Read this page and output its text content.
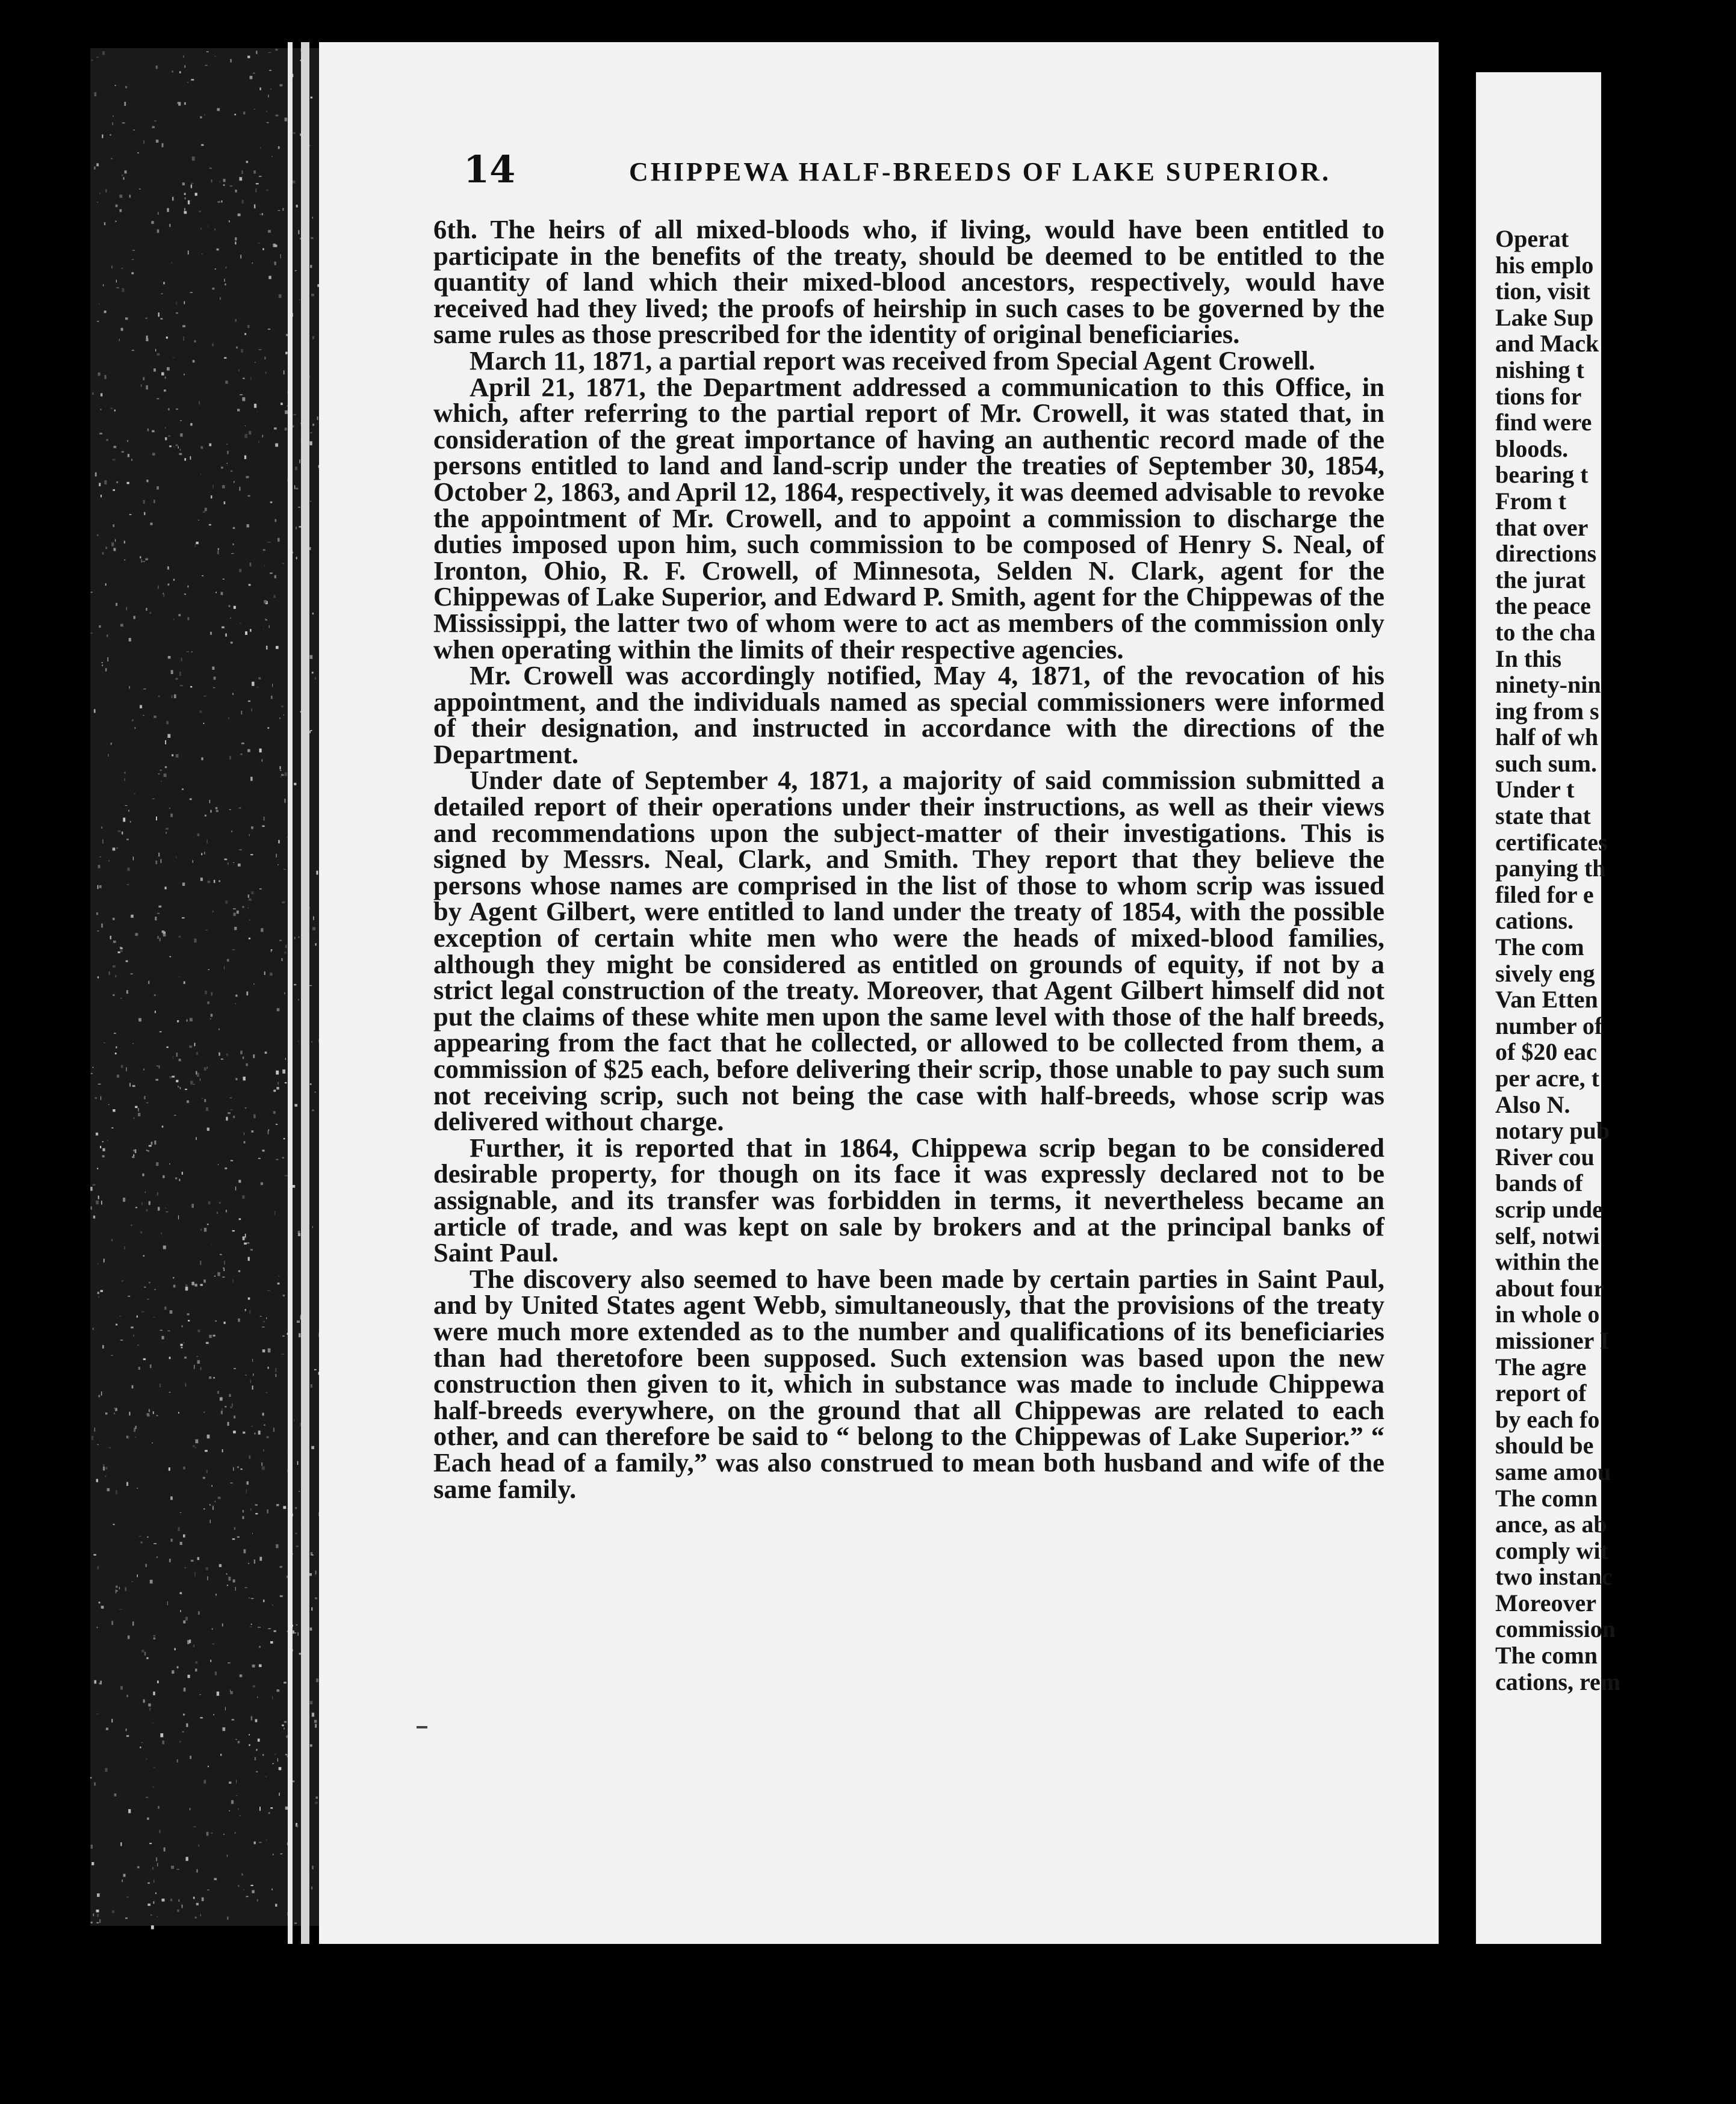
14	CHIPPEWA HALF-BREEDS OF LAKE SUPERIOR.

6th. The heirs of all mixed-bloods who, if living, would have been entitled to participate in the benefits of the treaty, should be deemed to be entitled to the quantity of land which their mixed-blood ancestors, respectively, would have received had they lived; the proofs of heirship in such cases to be governed by the same rules as those prescribed for the identity of original beneficiaries.

March 11, 1871, a partial report was received from Special Agent Crowell.

April 21, 1871, the Department addressed a communication to this Office, in which, after referring to the partial report of Mr. Crowell, it was stated that, in consideration of the great importance of having an authentic record made of the persons entitled to land and land-scrip under the treaties of September 30, 1854, October 2, 1863, and April 12, 1864, respectively, it was deemed advisable to revoke the appointment of Mr. Crowell, and to appoint a commission to discharge the duties imposed upon him, such commission to be composed of Henry S. Neal, of Ironton, Ohio, R. F. Crowell, of Minnesota, Selden N. Clark, agent for the Chippewas of Lake Superior, and Edward P. Smith, agent for the Chippewas of the Mississippi, the latter two of whom were to act as members of the commission only when operating within the limits of their respective agencies.

Mr. Crowell was accordingly notified, May 4, 1871, of the revocation of his appointment, and the individuals named as special commissioners were informed of their designation, and instructed in accordance with the directions of the Department.

Under date of September 4, 1871, a majority of said commission submitted a detailed report of their operations under their instructions, as well as their views and recommendations upon the subject-matter of their investigations. This is signed by Messrs. Neal, Clark, and Smith. They report that they believe the persons whose names are comprised in the list of those to whom scrip was issued by Agent Gilbert, were entitled to land under the treaty of 1854, with the possible exception of certain white men who were the heads of mixed-blood families, although they might be considered as entitled on grounds of equity, if not by a strict legal construction of the treaty. Moreover, that Agent Gilbert himself did not put the claims of these white men upon the same level with those of the half breeds, appearing from the fact that he collected, or allowed to be collected from them, a commission of $25 each, before delivering their scrip, those unable to pay such sum not receiving scrip, such not being the case with half-breeds, whose scrip was delivered without charge.

Further, it is reported that in 1864, Chippewa scrip began to be considered desirable property, for though on its face it was expressly declared not to be assignable, and its transfer was forbidden in terms, it nevertheless became an article of trade, and was kept on sale by brokers and at the principal banks of Saint Paul.

The discovery also seemed to have been made by certain parties in Saint Paul, and by United States agent Webb, simultaneously, that the provisions of the treaty were much more extended as to the number and qualifications of its beneficiaries than had theretofore been supposed. Such extension was based upon the new construction then given to it, which in substance was made to include Chippewa half-breeds everywhere, on the ground that all Chippewas are related to each other, and can therefore be said to “ belong to the Chippewas of Lake Superior.” “ Each head of a family,” was also construed to mean both husband and wife of the same family.

Operat
his emplo
tion, visit
Lake Sup
and Mack
nishing t
tions for
find were
bloods.
bearing t
From t
that over
directions
the jurat
the peace
to the cha
In this
ninety-nin
ing from s
half of wh
such sum.
Under t
state that
certificates
panying th
filed for e
cations.
The com
sively eng
Van Etten
number of
of $20 eac
per acre, t
Also N.
notary pub
River cou
bands of
scrip unde
self, notwi
within the
about four
in whole o
missioner I
The agre
report of
by each fo
should be
same amou
The comn
ance, as ab
comply wit
two instanc
Moreover
commission
The comn
cations, rem
